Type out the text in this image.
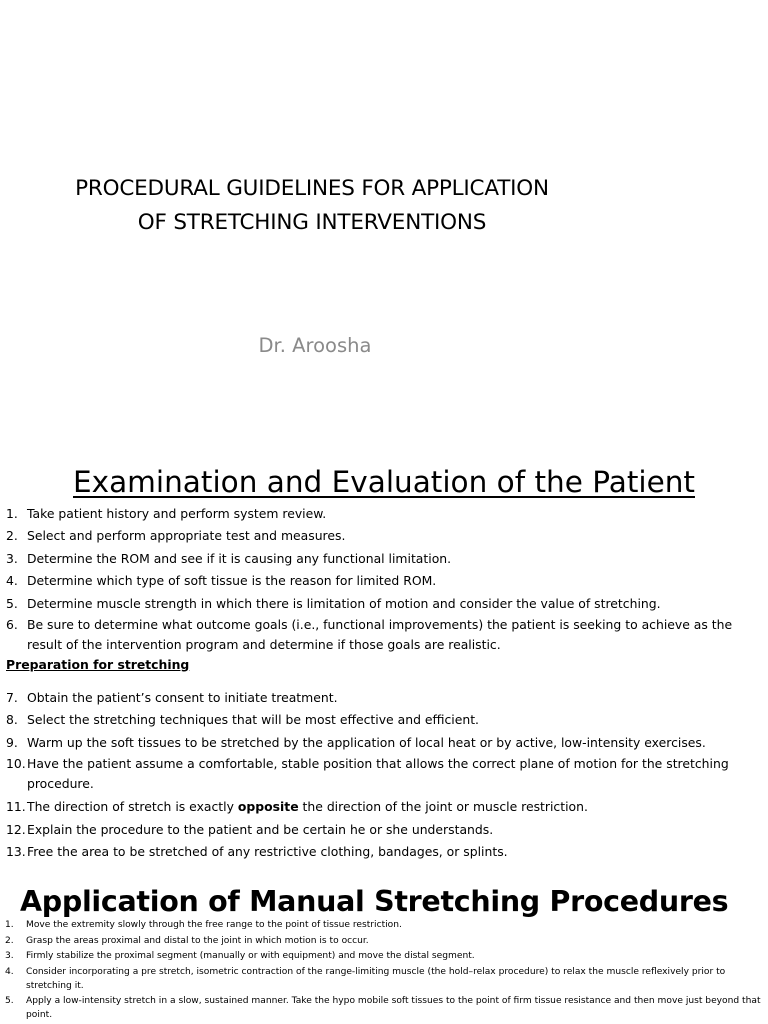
PROCEDURAL GUIDELINES FOR APPLICATION
OF STRETCHING INTERVENTIONS
Dr. Aroosha
Examination and Evaluation of the Patient
1. Take patient history and perform system review.
2. Select and perform appropriate test and measures.
3. Determine the ROM and see if it is causing any functional limitation.
4. Determine which type of soft tissue is the reason for limited ROM.
5. Determine muscle strength in which there is limitation of motion and consider the value of stretching.
6. Be sure to determine what outcome goals (i.e., functional improvements) the patient is seeking to achieve as the result of the intervention program and determine if those goals are realistic.
Preparation for stretching
7. Obtain the patient’s consent to initiate treatment.
8. Select the stretching techniques that will be most effective and efficient.
9. Warm up the soft tissues to be stretched by the application of local heat or by active, low-intensity exercises.
10. Have the patient assume a comfortable, stable position that allows the correct plane of motion for the stretching procedure.
11. The direction of stretch is exactly opposite the direction of the joint or muscle restriction.
12. Explain the procedure to the patient and be certain he or she understands.
13. Free the area to be stretched of any restrictive clothing, bandages, or splints.
Application of Manual Stretching Procedures
1. Move the extremity slowly through the free range to the point of tissue restriction.
2. Grasp the areas proximal and distal to the joint in which motion is to occur.
3. Firmly stabilize the proximal segment (manually or with equipment) and move the distal segment.
4. Consider incorporating a pre stretch, isometric contraction of the range-limiting muscle (the hold–relax procedure) to relax the muscle reflexively prior to stretching it.
5. Apply a low-intensity stretch in a slow, sustained manner. Take the hypo mobile soft tissues to the point of firm tissue resistance and then move just beyond that point.
